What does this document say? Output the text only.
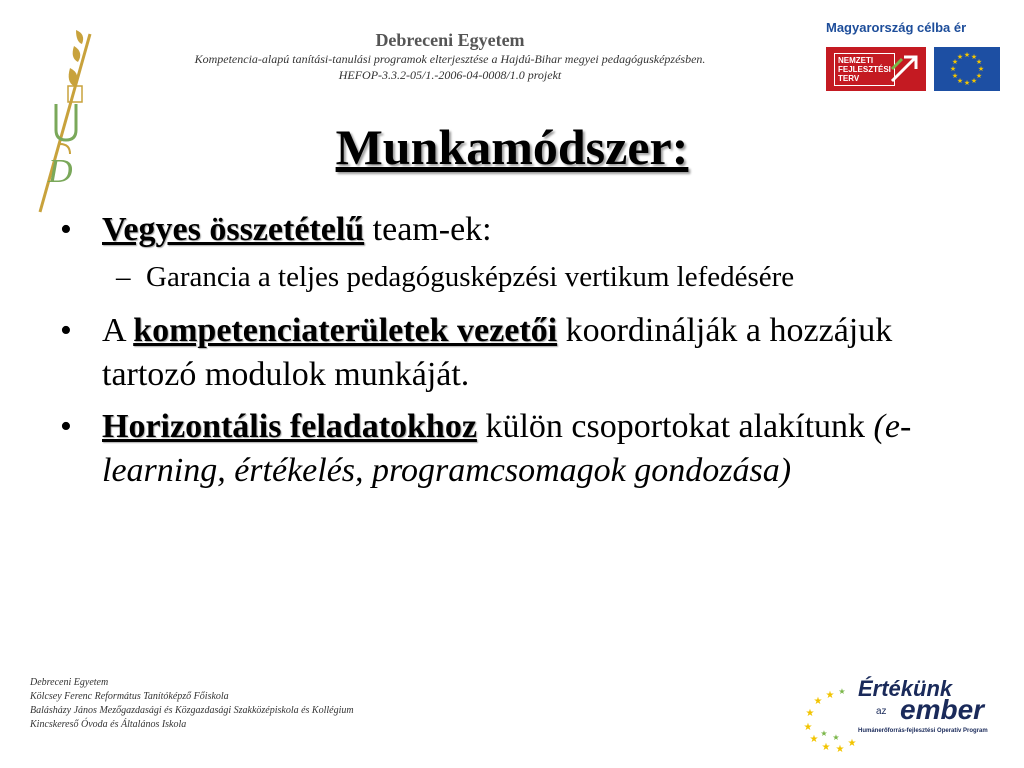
D
Debreceni Egyetem
Kompetencia-alapú tanítási-tanulási programok elterjesztése a Hajdú-Bihar megyei pedagógusképzésben.
HEFOP-3.3.2-05/1.-2006-04-0008/1.0 projekt
Magyarország célba ér
NEMZETI
FEJLESZTÉSI
TERV
★ ★
★
★
★
★
★
★
★
★
★
★
Munkamódszer:
• Vegyes összetételű team-ek:
– Garancia a teljes pedagógusképzési vertikum lefedésére
• A kompetenciaterületek vezetői koordinálják a hozzájuk tartozó modulok munkáját.
• Horizontális feladatokhoz külön csoportokat alakítunk (e-learning, értékelés, programcsomagok gondozása)
Debreceni Egyetem
Kölcsey Ferenc Református Tanítóképző Főiskola
Balásházy János Mezőgazdasági és Közgazdasági Szakközépiskola és Kollégium
Kincskereső Óvoda és Általános Iskola
★
★
★
★
★
★ ★
★
★
★ ★
Értékünk
az ember
Humánerőforrás-fejlesztési Operatív Program
